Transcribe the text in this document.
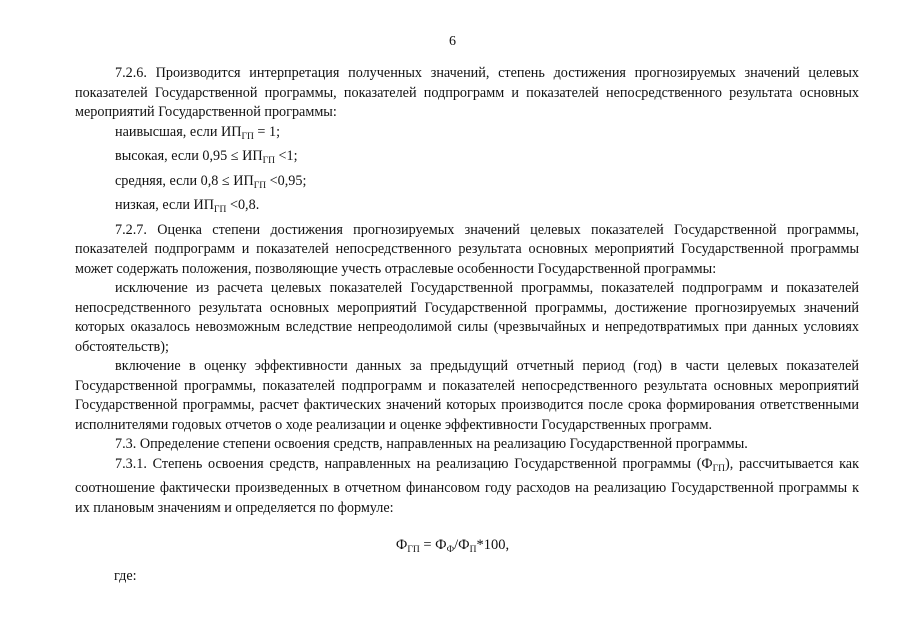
6

7.2.6. Производится интерпретация полученных значений, степень достижения прогнозируемых значений целевых показателей Государственной программы, показателей подпрограмм и показателей непосредственного результата основных мероприятий Государственной программы:

наивысшая, если $ИП_{ГП} = 1$;

высокая, если $0,95 \le ИП_{ГП} <1$;

средняя, если $0,8 \le ИП_{ГП} <0,95$;

низкая, если $ИП_{ГП} <0,8$.

7.2.7. Оценка степени достижения прогнозируемых значений целевых показателей Государственной программы, показателей подпрограмм и показателей непосредственного результата основных мероприятий Государственной программы может содержать положения, позволяющие учесть отраслевые особенности Государственной программы:

исключение из расчета целевых показателей Государственной программы, показателей подпрограмм и показателей непосредственного результата основных мероприятий Государственной программы, достижение прогнозируемых значений которых оказалось невозможным вследствие непреодолимой силы (чрезвычайных и непредотвратимых при данных условиях обстоятельств);

включение в оценку эффективности данных за предыдущий отчетный период (год) в части целевых показателей Государственной программы, показателей подпрограмм и показателей непосредственного результата основных мероприятий Государственной программы, расчет фактических значений которых производится после срока формирования ответственными исполнителями годовых отчетов о ходе реализации и оценке эффективности Государственных программ.

7.3. Определение степени освоения средств, направленных на реализацию Государственной программы.

7.3.1. Степень освоения средств, направленных на реализацию Государственной программы $(Ф_{ГП})$, рассчитывается как соотношение фактически произведенных в отчетном финансовом году расходов на реализацию Государственной программы к их плановым значениям и определяется по формуле:

$Ф_{ГП} = Ф_Ф/Ф_П*100$,
где:
